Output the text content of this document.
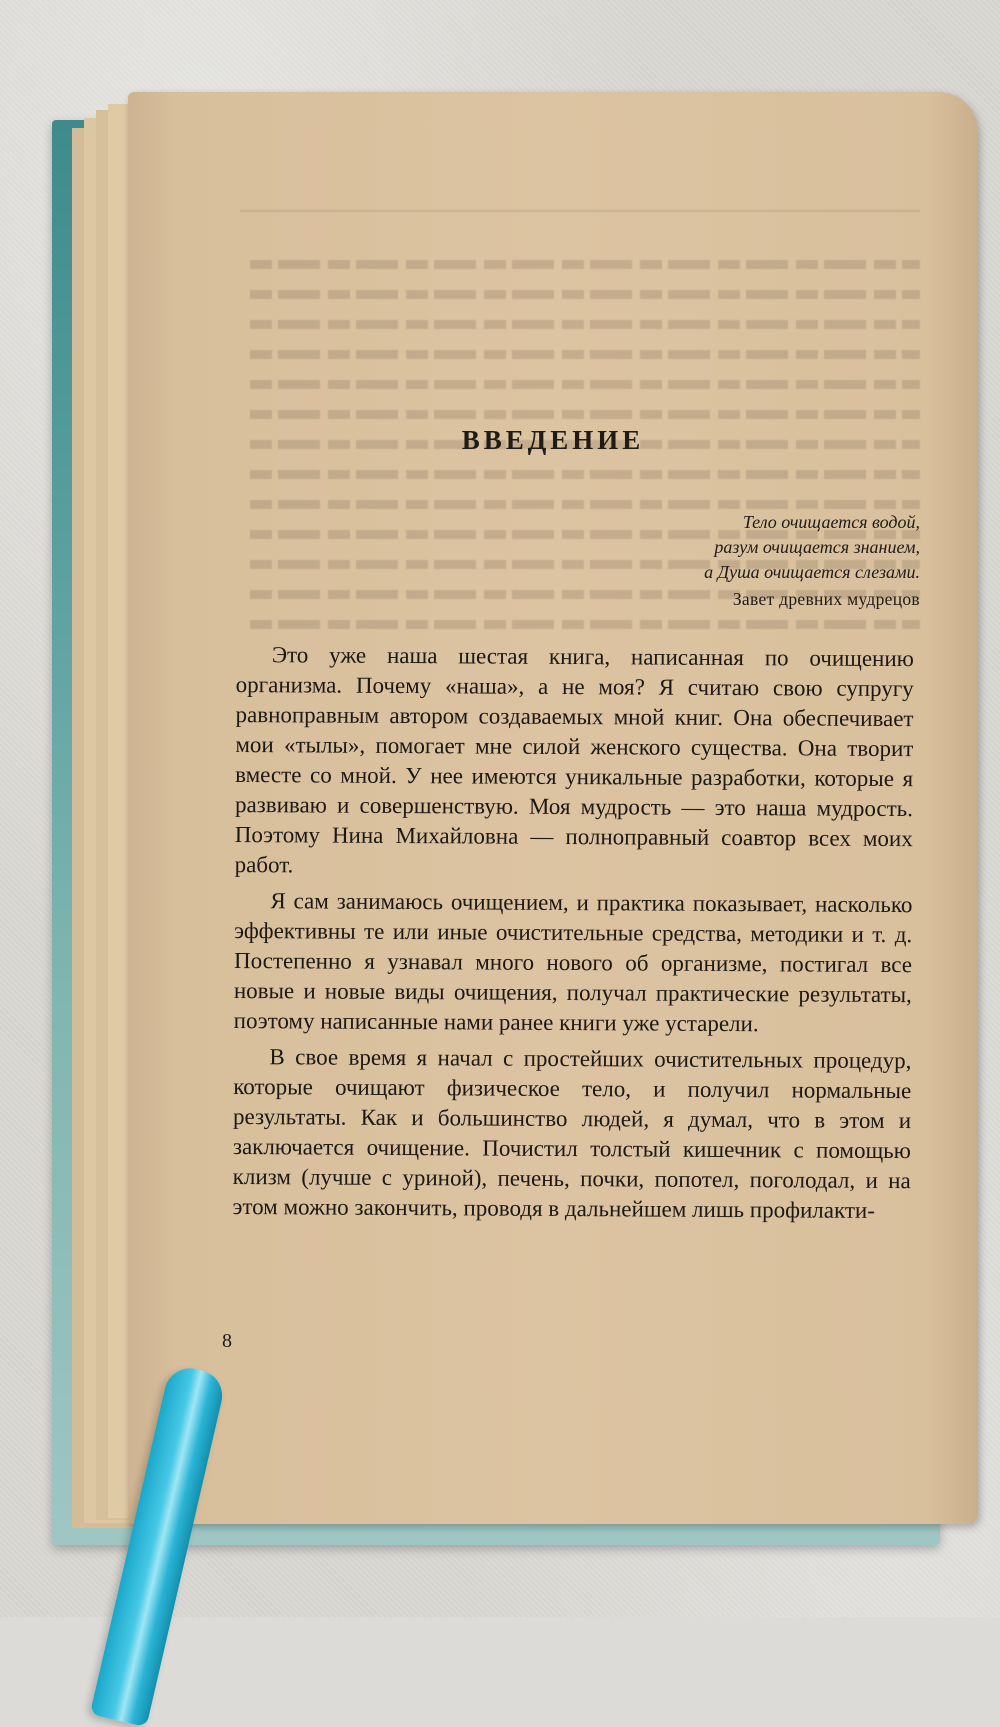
ВВЕДЕНИЕ
Тело очищается водой,
разум очищается знанием,
а Душа очищается слезами.
Завет древних мудрецов

Это уже наша шестая книга, написанная по очищению организма. Почему «наша», а не моя? Я считаю свою супругу равноправным автором создаваемых мной книг. Она обеспечивает мои «тылы», помогает мне силой женского существа. Она творит вместе со мной. У нее имеются уникальные разработки, которые я развиваю и совершенствую. Моя мудрость — это наша мудрость. Поэтому Нина Михайловна — полноправный соавтор всех моих работ.

Я сам занимаюсь очищением, и практика показывает, насколько эффективны те или иные очистительные средства, методики и т. д. Постепенно я узнавал много нового об организме, постигал все новые и новые виды очищения, получал практические результаты, поэтому написанные нами ранее книги уже устарели.

В свое время я начал с простейших очистительных процедур, которые очищают физическое тело, и получил нормальные результаты. Как и большинство людей, я думал, что в этом и заключается очищение. Почистил толстый кишечник с помощью клизм (лучше с уриной), печень, почки, попотел, поголодал, и на этом можно закончить, проводя в дальнейшем лишь профилакти-

8
